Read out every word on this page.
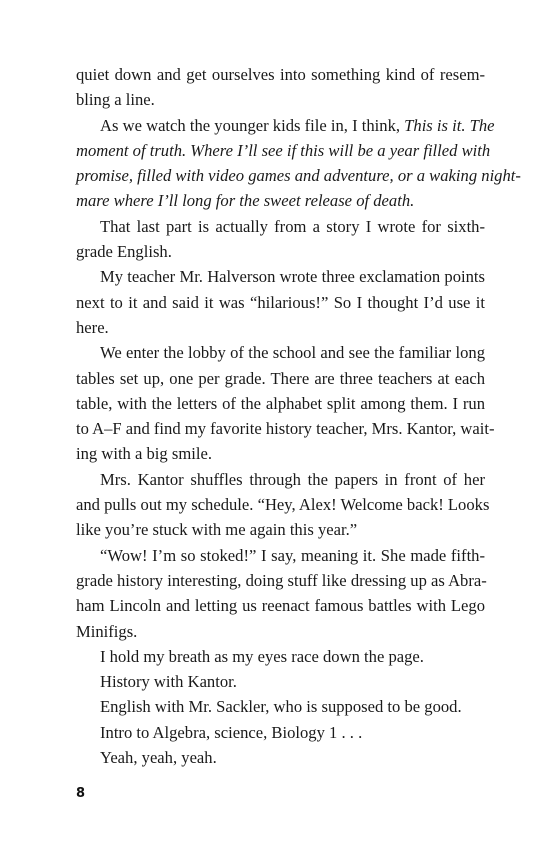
quiet down and get ourselves into something kind of resem-
bling a line.
As we watch the younger kids file in, I think, This is it. The
moment of truth. Where I’ll see if this will be a year filled with
promise, filled with video games and adventure, or a waking night-
mare where I’ll long for the sweet release of death.
That last part is actually from a story I wrote for sixth-
grade English.
My teacher Mr. Halverson wrote three exclamation points
next to it and said it was “hilarious!” So I thought I’d use it
here.
We enter the lobby of the school and see the familiar long
tables set up, one per grade. There are three teachers at each
table, with the letters of the alphabet split among them. I run
to A–F and find my favorite history teacher, Mrs. Kantor, wait-
ing with a big smile.
Mrs. Kantor shuffles through the papers in front of her
and pulls out my schedule. “Hey, Alex! Welcome back! Looks
like you’re stuck with me again this year.”
“Wow! I’m so stoked!” I say, meaning it. She made fifth-
grade history interesting, doing stuff like dressing up as Abra-
ham Lincoln and letting us reenact famous battles with Lego
Minifigs.
I hold my breath as my eyes race down the page.
History with Kantor.
English with Mr. Sackler, who is supposed to be good.
Intro to Algebra, science, Biology 1 . . .
Yeah, yeah, yeah.
8
